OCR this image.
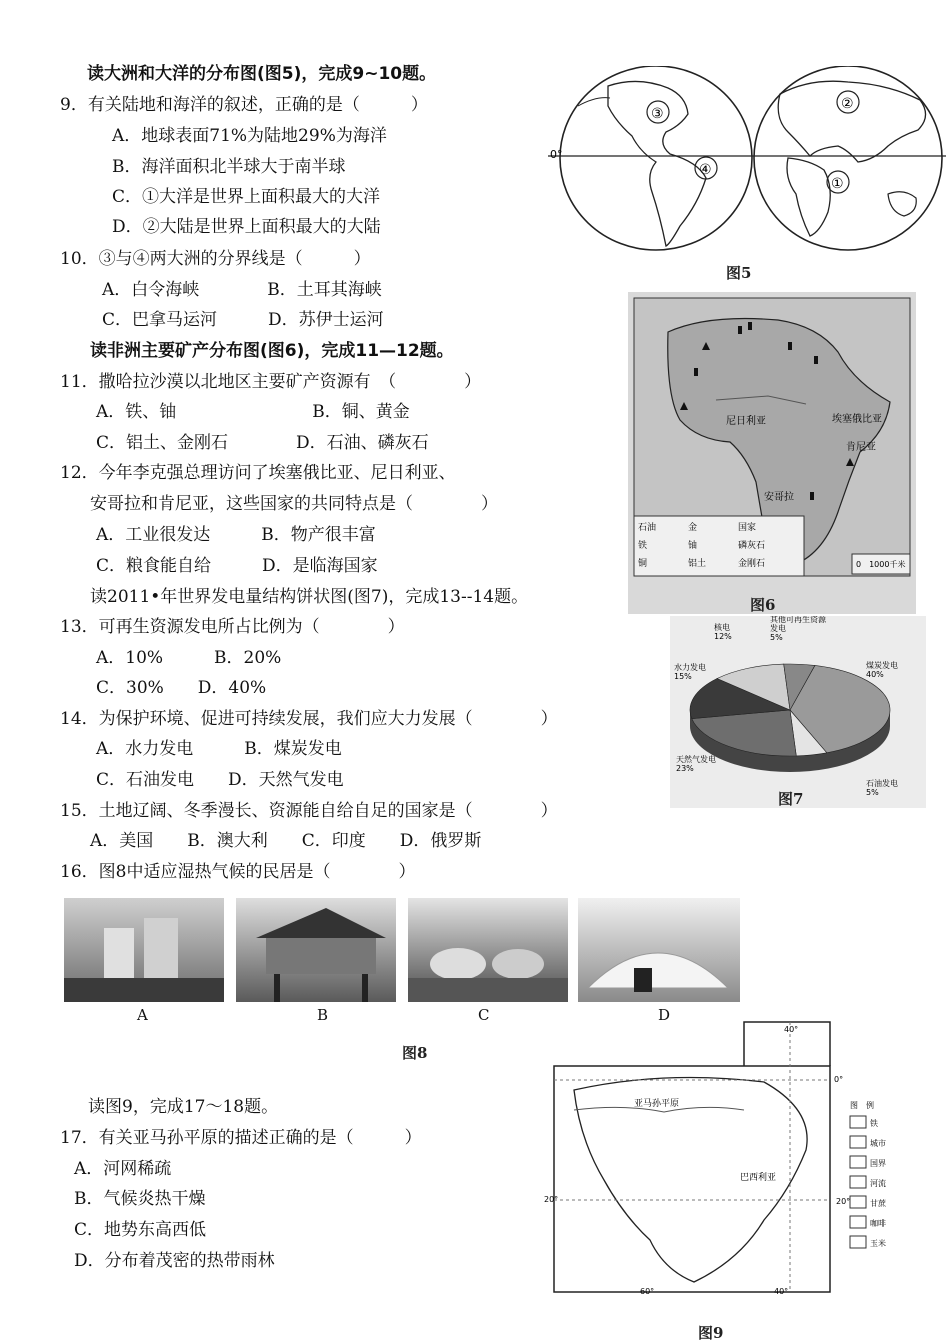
读大洲和大洋的分布图(图5)，完成9~10题。
9．有关陆地和海洋的叙述，正确的是（　　　）
A．地球表面71%为陆地29%为海洋
B．海洋面积北半球大于南半球
C．①大洋是世界上面积最大的大洋
D．②大陆是世界上面积最大的大陆
10．③与④两大洲的分界线是（　　　）
A．白令海峡　　　　B．土耳其海峡
C．巴拿马运河　　　D．苏伊士运河
读非洲主要矿产分布图(图6)，完成11—12题。
11．撒哈拉沙漠以北地区主要矿产资源有　（　　　　）
A．铁、铀　　　　　　　　B．铜、黄金
C．铝土、金刚石　　　　D．石油、磷灰石
12．今年李克强总理访问了埃塞俄比亚、尼日利亚、
安哥拉和肯尼亚，这些国家的共同特点是（　　　　）
A．工业很发达　　　B．物产很丰富
C．粮食能自给　　　D．是临海国家
读2011•年世界发电量结构饼状图(图7)，完成13--14题。
13．可再生资源发电所占比例为（　　　　）
A．10%　　　B．20%
C．30%　　D．40%
14．为保护环境、促进可持续发展，我们应大力发展（　　　　）
A．水力发电　　　B．煤炭发电
C．石油发电　　D．天然气发电
15．土地辽阔、冬季漫长、资源能自给自足的国家是（　　　　）
A．美国　　B．澳大利　　C．印度　　D．俄罗斯
16．图8中适应湿热气候的民居是（　　　　）
读图9，完成17～18题。
17．有关亚马孙平原的描述正确的是（　　　）
A．河网稀疏
B．气候炎热干燥
C．地势东高西低
D．分布着茂密的热带雨林
③
④
②
①
0°
图5
尼日利亚	埃塞俄比亚
肯尼亚
安哥拉
石油	金	国家
铁	铀	磷灰石
铜	铝土	金刚石	0　1000千米
图6
煤炭发电 40%
石油发电 5%
天然气发电 23%
水力发电 15%
核电 12%
其他可再生资源发电 5%
图7
A	B	C	D
图8
亚马孙平原
巴西利亚
40°
0°
20°	20°
60°	40°
图　例
铁
城市
国界
河流
甘蔗
咖啡
玉米
图9
